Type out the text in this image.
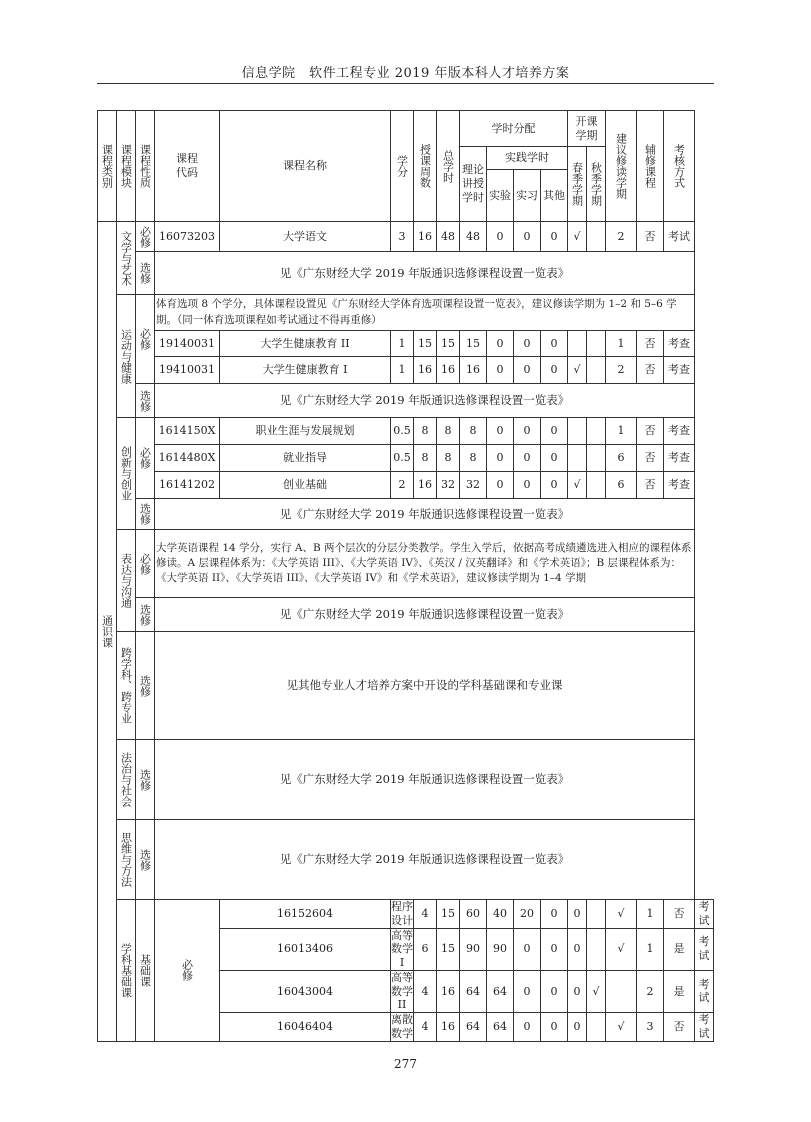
信息学院　软件工程专业 2019 年版本科人才培养方案
课程类别	课程模块	课程性质	课程代码	课程名称	学分	授课周数	总学时	学时分配				开课学期		建议修读学期	辅修课程	考核方式	

								理论讲授学时	实践学时			春季学期	秋季学期				

									实验	实习	其他						

通识课	文学与艺术	必修	16073203	大学语文	3	16	48	48	0	0	0	√		2	否	考试	

		选修	见《广东财经大学 2019 年版通识选修课程设置一览表》														

	运动与健康	必修	体育选项 8 个学分，具体课程设置见《广东财经大学体育选项课程设置一览表》，建议修读学期为 1–2 和 5–6 学期。（同一体育选项课程如考试通过不得再重修）														
			19140031	大学生健康教育 II	1	15	15	15	0	0	0			1	否	考查	
			19410031	大学生健康教育 I	1	16	16	16	0	0	0	√		2	否	考查	

		选修	见《广东财经大学 2019 年版通识选修课程设置一览表》														

	创新与创业	必修	1614150X	职业生涯与发展规划	0.5	8	8	8	0	0	0			1	否	考查	
			1614480X	就业指导	0.5	8	8	8	0	0	0			6	否	考查	
			16141202	创业基础	2	16	32	32	0	0	0	√		6	否	考查	

		选修	见《广东财经大学 2019 年版通识选修课程设置一览表》														

	表达与沟通	必修	大学英语课程 14 学分，实行 A、B 两个层次的分层分类教学。学生入学后，依据高考成绩遴选进入相应的课程体系修读。A 层课程体系为：《大学英语 III》、《大学英语 IV》、《英汉 / 汉英翻译》和《学术英语》；B 层课程体系为：《大学英语 II》、《大学英语 III》、《大学英语 IV》和《学术英语》，建议修读学期为 1–4 学期														

		选修	见《广东财经大学 2019 年版通识选修课程设置一览表》														

	跨学科、跨专业	选修	见其他专业人才培养方案中开设的学科基础课和专业课														

	法治与社会	选修	见《广东财经大学 2019 年版通识选修课程设置一览表》														

	思维与方法	选修	见《广东财经大学 2019 年版通识选修课程设置一览表》														

	学科基础课	基础课	必修	16152604	程序设计	4	15	60	40	20	0	0		√	1	否	考试
				16013406	高等数学 I	6	15	90	90	0	0	0		√	1	是	考试
				16043004	高等数学 II	4	16	64	64	0	0	0	√		2	是	考试
				16046404	离散数学	4	16	64	64	0	0	0		√	3	否	考试
277
